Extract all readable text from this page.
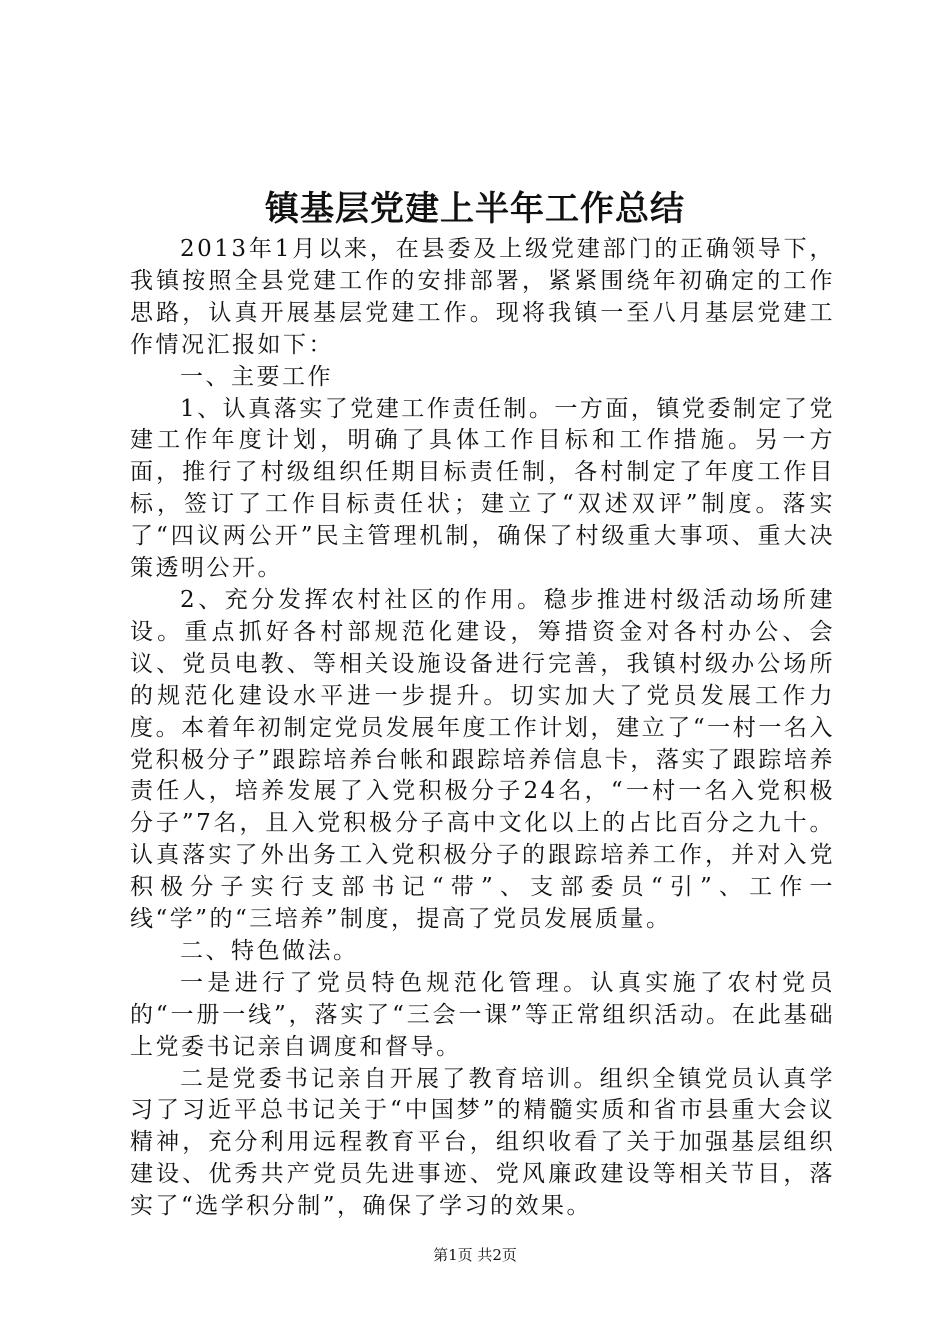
镇基层党建上半年工作总结

2013年1月以来，在县委及上级党建部门的正确领导下，我镇按照全县党建工作的安排部署，紧紧围绕年初确定的工作思路，认真开展基层党建工作。现将我镇一至八月基层党建工作情况汇报如下：

一、主要工作

1、认真落实了党建工作责任制。一方面，镇党委制定了党建工作年度计划，明确了具体工作目标和工作措施。另一方面，推行了村级组织任期目标责任制，各村制定了年度工作目标，签订了工作目标责任状；建立了“双述双评”制度。落实了“四议两公开”民主管理机制，确保了村级重大事项、重大决策透明公开。

2、充分发挥农村社区的作用。稳步推进村级活动场所建设。重点抓好各村部规范化建设，筹措资金对各村办公、会议、党员电教、等相关设施设备进行完善，我镇村级办公场所的规范化建设水平进一步提升。切实加大了党员发展工作力度。本着年初制定党员发展年度工作计划，建立了“一村一名入党积极分子”跟踪培养台帐和跟踪培养信息卡，落实了跟踪培养责任人，培养发展了入党积极分子24名，“一村一名入党积极分子”7名，且入党积极分子高中文化以上的占比百分之九十。认真落实了外出务工入党积极分子的跟踪培养工作，并对入党积极分子实行支部书记“带”、支部委员“引”、工作一线“学”的“三培养”制度，提高了党员发展质量。

二、特色做法。

一是进行了党员特色规范化管理。认真实施了农村党员的“一册一线”，落实了“三会一课”等正常组织活动。在此基础上党委书记亲自调度和督导。

二是党委书记亲自开展了教育培训。组织全镇党员认真学习了习近平总书记关于“中国梦”的精髓实质和省市县重大会议精神，充分利用远程教育平台，组织收看了关于加强基层组织建设、优秀共产党员先进事迹、党风廉政建设等相关节目，落实了“选学积分制”，确保了学习的效果。

第1页 共2页
